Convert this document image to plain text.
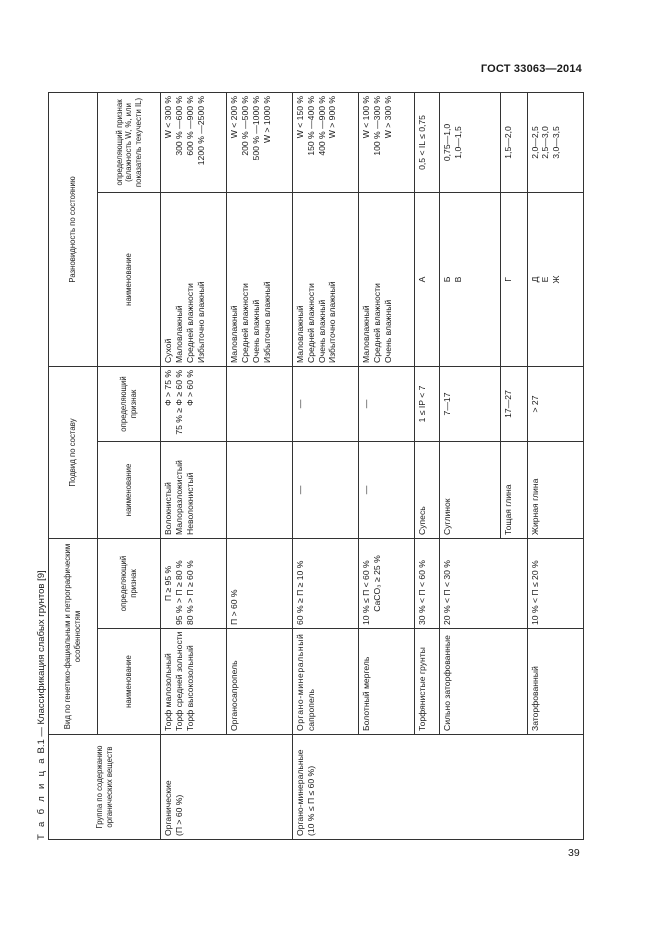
ГОСТ 33063—2014
Т а б л и ц а В.1 — Классификация слабых грунтов [9]
Группа по содержанию органических веществ	Вид по генетико-фациальным и петрографическим особенностям		Подвид по составу		Разновидность по состоянию	
	наименование	определяющий признак	наименование	определяющий признак	наименование	определяющий признак (влажность W, %, или показатель текучести IL)

Органические (П > 60 %)	Торф малозольный Торф средней зольности Торф высокозольный	П ≥ 95 % 95 % > П ≥ 80 % 80 % > П ≥ 60 %	Волокнистый Малоразложистый Неволокнистый	Ф > 75 % 75 % ≥ Ф ≥ 60 % Ф > 60 %	Сухой Маловлажный Средней влажности Избыточно влажный	W < 300 % 300 % —600 % 600 % —900 % 1200 % —2500 %

	Органосапропель	П > 60 %			Маловлажный Средней влажности Очень влажный Избыточно влажный	W < 200 % 200 % —500 % 500 % —1000 % W > 1000 %

Органо-минеральные (10 % ≤ П ≤ 60 %)	Органо-минеральный сапропель	60 % ≥ П ≥ 10 %	—	—	Маловлажный Средней влажности Очень влажный Избыточно влажный	W < 150 % 150 % —400 % 400 % —900 % W > 900 %

	Болотный мергель	10 % ≤ П < 60 % CaCO₃ ≥ 25 %	—	—	Маловлажный Средней влажности Очень влажный	W < 100 % 100 % —300 % W > 300 %

	Торфянистые грунты	30 % < П < 60 %	Супесь	1 ≤ IP < 7	А	0,5 < IL ≤ 0,75
	Сильно заторфованные	20 % < П < 30 %	Суглинок	7—17	Б В	0,75—1,0 1,0—1,5

			Тощая глина	17—27	Г	1,5—2,0
	Заторфованный	10 % < П ≤ 20 %	Жирная глина	> 27	Д Е Ж	2,0—2,5 2,5—3,0 3,0—3,5
39
